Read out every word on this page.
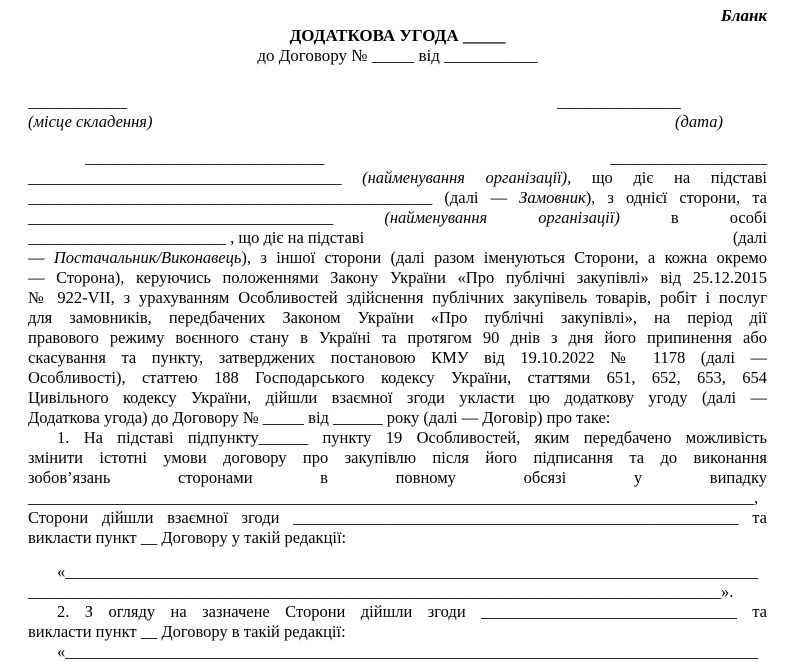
Бланк
ДОДАТКОВА УГОДА _____
до Договору № _____ від ___________
____________
(місце складення)
_______________
(дата)
_____________________________	___________________
______________________________________ (найменування організації), що діє на підставі
_________________________________________________ (далі — Замовник), з однієї сторони, та
_____________________________________	(найменування організації) в особі
________________________ , що діє на підставі	(далі
— Постачальник/Виконавець), з іншої сторони (далі разом іменуються Сторони, а кожна окремо
— Сторона), керуючись положеннями Закону України «Про публічні закупівлі» від 25.12.2015
№ 922-VII, з урахуванням Особливостей здійснення публічних закупівель товарів, робіт і послуг
для замовників, передбачених Законом України «Про публічні закупівлі», на період дії
правового режиму воєнного стану в Україні та протягом 90 днів з дня його припинення або
скасування та пункту, затверджених постановою КМУ від 19.10.2022 № 1178 (далі —
Особливості), статтею 188 Господарського кодексу України, статтями 651, 652, 653, 654
Цивільного кодексу України, дійшли взаємної згоди укласти цю додаткову угоду (далі —
Додаткова угода) до Договору № _____ від ______ року (далі — Договір) про таке:
1. На підставі підпункту______ пункту 19 Особливостей, яким передбачено можливість
змінити істотні умови договору про закупівлю після його підписання та до виконання
зобов’язань сторонами в повному обсязі у випадку
________________________________________________________________________________________,
Сторони дійшли взаємної згоди ______________________________________________________ та
викласти пункт __ Договору у такій редакції:
«____________________________________________________________________________________
____________________________________________________________________________________».
2. З огляду на зазначене Сторони дійшли згоди _______________________________ та
викласти пункт __ Договору в такій редакції:
«____________________________________________________________________________________
